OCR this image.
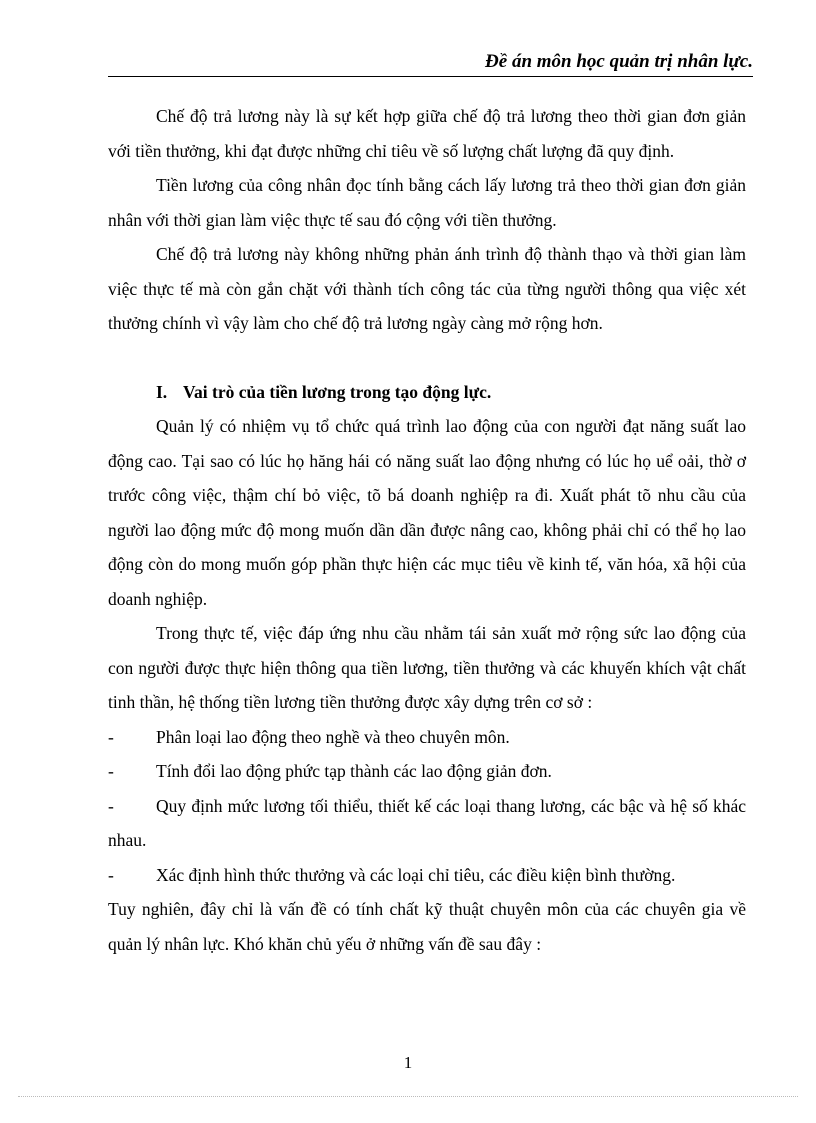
Đề án môn học quản trị nhân lực.

Chế độ trả lương này là sự kết hợp giữa chế độ trả lương theo thời gian đơn giản với tiền thưởng, khi đạt được những chỉ tiêu về số lượng chất lượng đã quy định.

Tiền lương của công nhân đọc tính bằng cách lấy lương trả theo thời gian đơn giản nhân với thời gian làm việc thực tế sau đó cộng với tiền thưởng.

Chế độ trả lương này không những phản ánh trình độ thành thạo và thời gian làm việc thực tế mà còn gắn chặt với thành tích công tác của từng người thông qua việc xét thưởng chính vì vậy làm cho chế độ trả lương ngày càng mở rộng hơn.

I. Vai trò của tiền lương trong tạo động lực.

Quản lý có nhiệm vụ tổ chức quá trình lao động của con người đạt năng suất lao động cao. Tại sao có lúc họ hăng hái có năng suất lao động nhưng có lúc họ uể oải, thờ ơ trước công việc, thậm chí bỏ việc, tõ bá doanh nghiệp ra đi. Xuất phát tõ nhu cầu của người lao động mức độ mong muốn dần dần được nâng cao, không phải chỉ có thể họ lao động còn do mong muốn góp phần thực hiện các mục tiêu về kinh tế, văn hóa, xã hội của doanh nghiệp.

Trong thực tế, việc đáp ứng nhu cầu nhằm tái sản xuất mở rộng sức lao động của con người được thực hiện thông qua tiền lương, tiền thưởng và các khuyến khích vật chất tinh thần, hệ thống tiền lương tiền thưởng được xây dựng trên cơ sở :

-	Phân loại lao động theo nghề và theo chuyên môn.
-	Tính đổi lao động phức tạp thành các lao động giản đơn.

- Quy định mức lương tối thiểu, thiết kế các loại thang lương, các bậc và hệ số khác nhau.

-	Xác định hình thức thưởng và các loại chỉ tiêu, các điều kiện bình thường.

Tuy nghiên, đây chỉ là vấn đề có tính chất kỹ thuật chuyên môn của các chuyên gia về quản lý nhân lực. Khó khăn chủ yếu ở những vấn đề sau đây :

1
